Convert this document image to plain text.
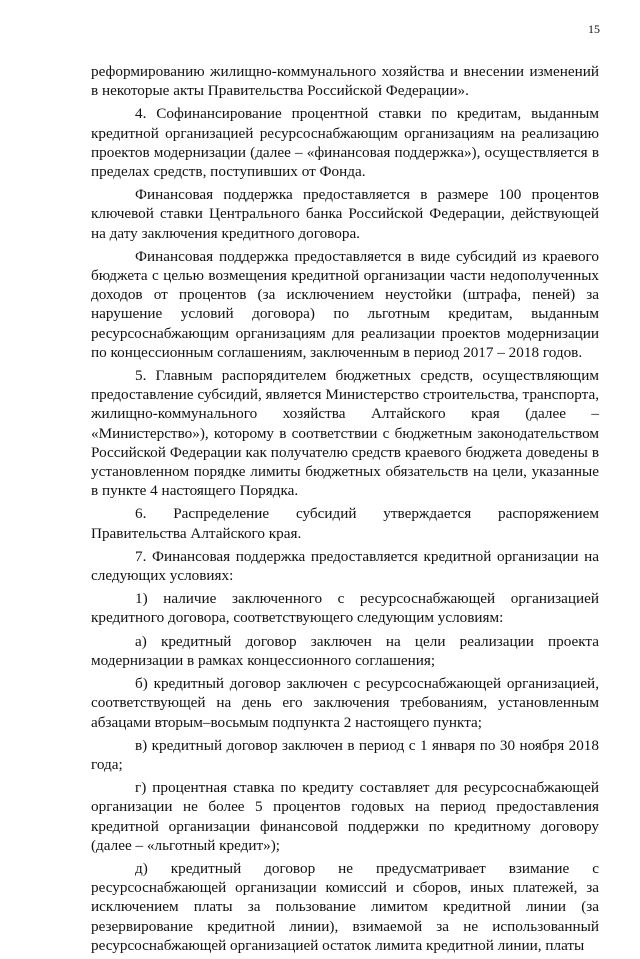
15

реформированию жилищно-коммунального хозяйства и внесении изменений в некоторые акты Правительства Российской Федерации».

4. Софинансирование процентной ставки по кредитам, выданным кредитной организацией ресурсоснабжающим организациям на реализацию проектов модернизации (далее – «финансовая поддержка»), осуществляется в пределах средств, поступивших от Фонда.

Финансовая поддержка предоставляется в размере 100 процентов ключевой ставки Центрального банка Российской Федерации, действующей на дату заключения кредитного договора.

Финансовая поддержка предоставляется в виде субсидий из краевого бюджета с целью возмещения кредитной организации части недополученных доходов от процентов (за исключением неустойки (штрафа, пеней) за нарушение условий договора) по льготным кредитам, выданным ресурсоснабжающим организациям для реализации проектов модернизации по концессионным соглашениям, заключенным в период 2017 – 2018 годов.

5. Главным распорядителем бюджетных средств, осуществляющим предоставление субсидий, является Министерство строительства, транспорта, жилищно-коммунального хозяйства Алтайского края (далее – «Министерство»), которому в соответствии с бюджетным законодательством Российской Федерации как получателю средств краевого бюджета доведены в установленном порядке лимиты бюджетных обязательств на цели, указанные в пункте 4 настоящего Порядка.

6. Распределение субсидий утверждается распоряжением Правительства Алтайского края.

7. Финансовая поддержка предоставляется кредитной организации на следующих условиях:

1) наличие заключенного с ресурсоснабжающей организацией кредитного договора, соответствующего следующим условиям:

а) кредитный договор заключен на цели реализации проекта модернизации в рамках концессионного соглашения;

б) кредитный договор заключен с ресурсоснабжающей организацией, соответствующей на день его заключения требованиям, установленным абзацами вторым–восьмым подпункта 2 настоящего пункта;

в) кредитный договор заключен в период с 1 января по 30 ноября 2018 года;

г) процентная ставка по кредиту составляет для ресурсоснабжающей организации не более 5 процентов годовых на период предоставления кредитной организации финансовой поддержки по кредитному договору (далее – «льготный кредит»);

д) кредитный договор не предусматривает взимание с ресурсоснабжающей организации комиссий и сборов, иных платежей, за исключением платы за пользование лимитом кредитной линии (за резервирование кредитной линии), взимаемой за не использованный ресурсоснабжающей организацией остаток лимита кредитной линии, платы
